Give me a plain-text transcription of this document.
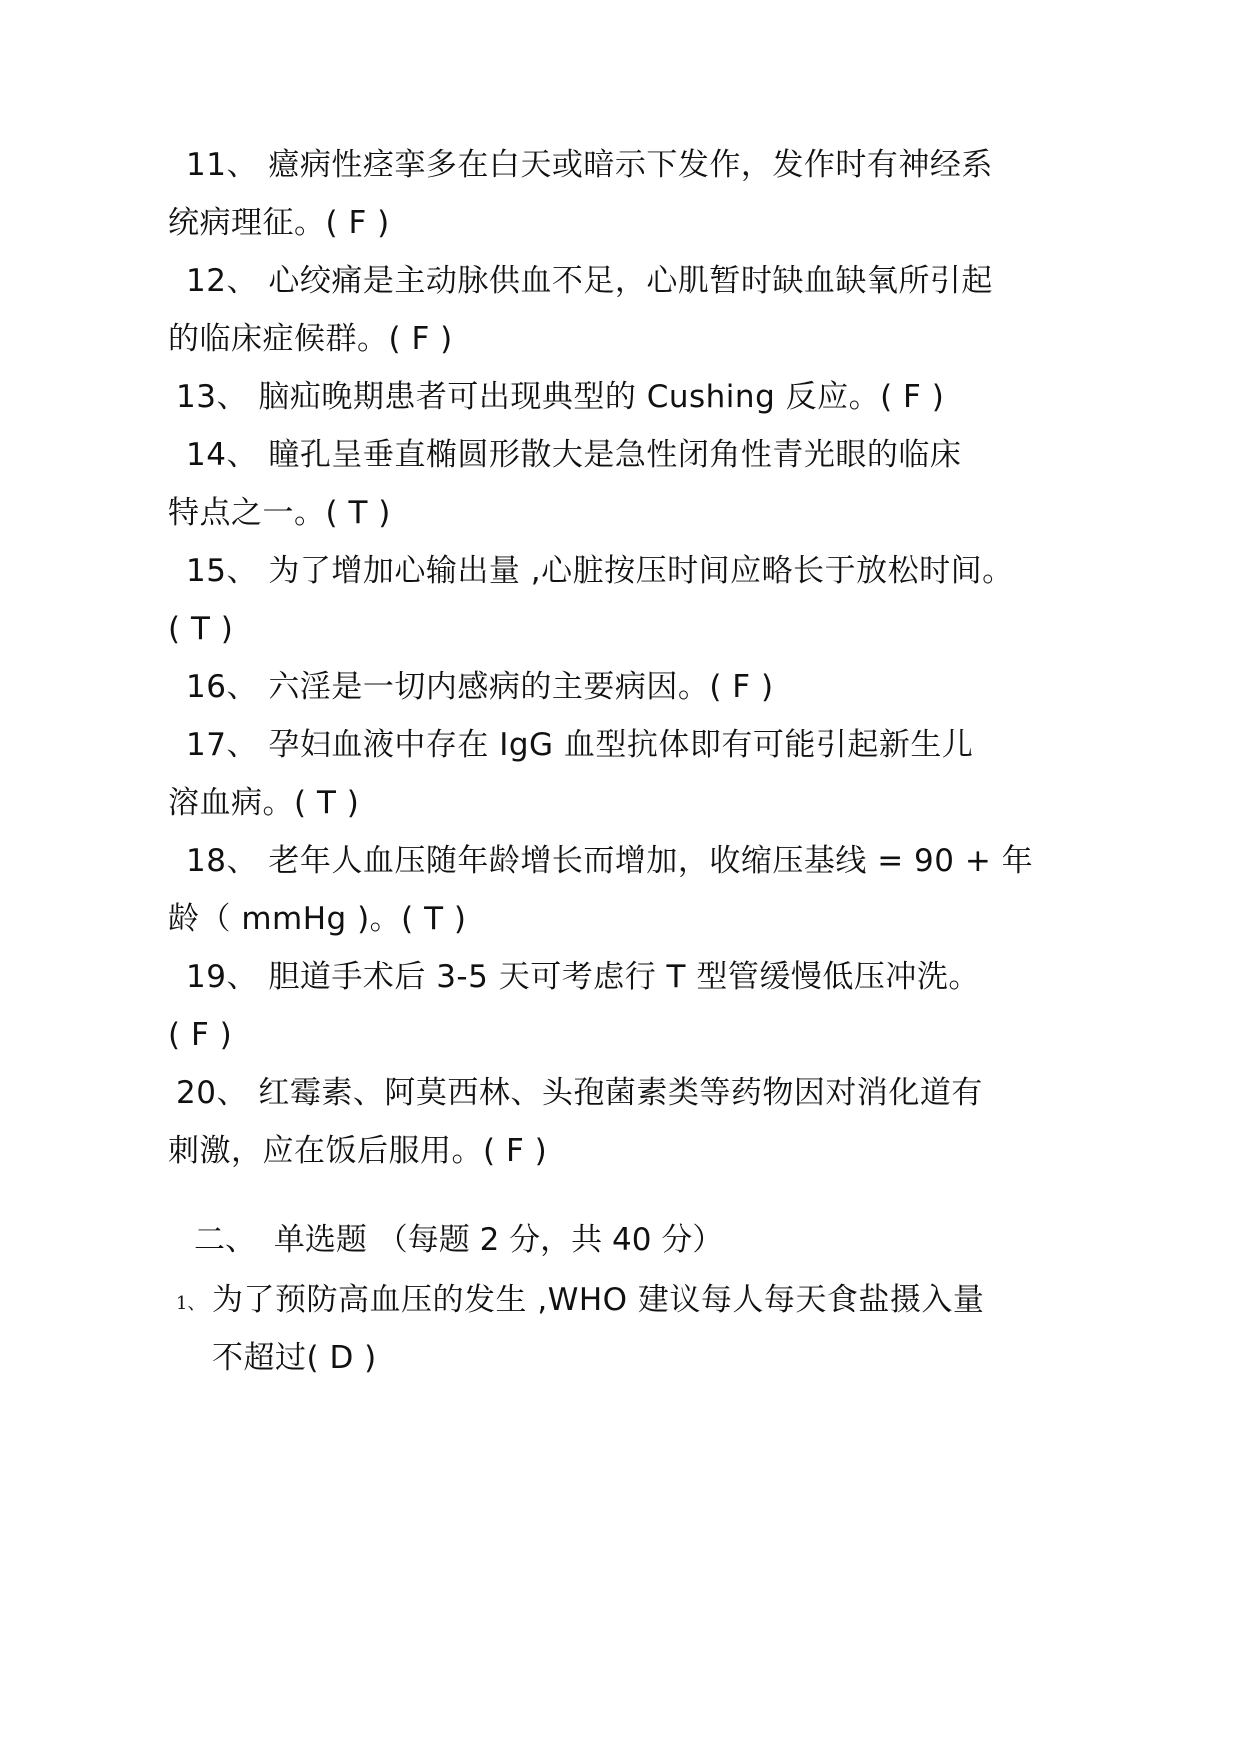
11、 癔病性痉挛多在白天或暗示下发作，发作时有神经系
统病理征。( F )
12、 心绞痛是主动脉供血不足，心肌暂时缺血缺氧所引起
的临床症候群。( F )
13、 脑疝晚期患者可出现典型的 Cushing 反应。( F )
14、 瞳孔呈垂直椭圆形散大是急性闭角性青光眼的临床
特点之一。( T )
15、 为了增加心输出量 ,心脏按压时间应略长于放松时间。
( T )
16、 六淫是一切内感病的主要病因。( F )
17、 孕妇血液中存在 IgG 血型抗体即有可能引起新生儿
溶血病。( T )
18、 老年人血压随年龄增长而增加，收缩压基线 = 90 + 年
龄（ mmHg )。( T )
19、 胆道手术后 3-5 天可考虑行 T 型管缓慢低压冲洗。
( F )
20、 红霉素、阿莫西林、头孢菌素类等药物因对消化道有
刺激，应在饭后服用。( F )
二、 单选题 （每题 2 分，共 40 分）
1、 为了预防高血压的发生 ,WHO 建议每人每天食盐摄入量
不超过( D )
